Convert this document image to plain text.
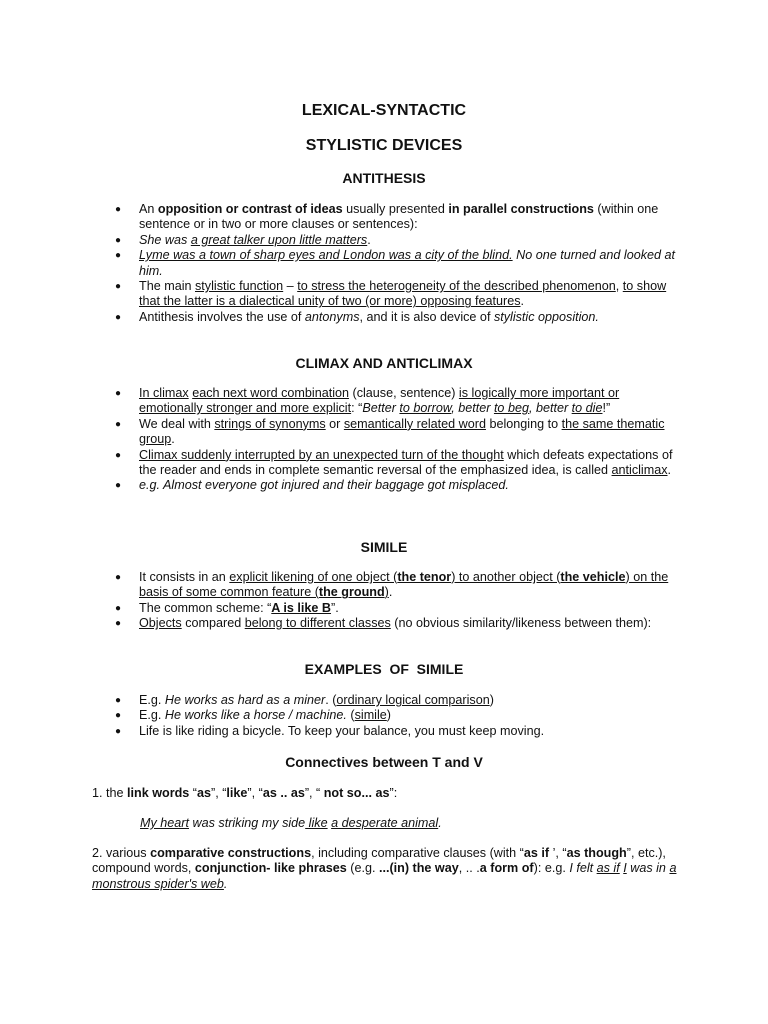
LEXICAL-SYNTACTIC
STYLISTIC DEVICES
ANTITHESIS
● An opposition or contrast of ideas usually presented in parallel constructions (within one sentence or in two or more clauses or sentences):
● She was a great talker upon little matters.
● Lyme was a town of sharp eyes and London was a city of the blind. No one turned and looked at him.
● The main stylistic function – to stress the heterogeneity of the described phenomenon, to show that the latter is a dialectical unity of two (or more) opposing features.
● Antithesis involves the use of antonyms, and it is also device of stylistic opposition.
CLIMAX AND ANTICLIMAX
● In climax each next word combination (clause, sentence) is logically more important or emotionally stronger and more explicit: “Better to borrow, better to beg, better to die!”
● We deal with strings of synonyms or semantically related word belonging to the same thematic group.
● Climax suddenly interrupted by an unexpected turn of the thought which defeats expectations of the reader and ends in complete semantic reversal of the emphasized idea, is called anticlimax.
● e.g. Almost everyone got injured and their baggage got misplaced.
SIMILE
● It consists in an explicit likening of one object (the tenor) to another object (the vehicle) on the basis of some common feature (the ground).
● The common scheme: “A is like B”.
● Objects compared belong to different classes (no obvious similarity/likeness between them):
EXAMPLES  OF  SIMILE
● E.g. He works as hard as a miner. (ordinary logical comparison)
● E.g. He works like a horse / machine. (simile)
● Life is like riding a bicycle. To keep your balance, you must keep moving.
Connectives between T and V

1. the link words “as”, “like”, “as .. as”, “ not so... as”:

My heart was striking my side like a desperate animal.

2. various comparative constructions, including comparative clauses (with “as if ’, “as though”, etc.), compound words, conjunction- like phrases (e.g. ...(in) the way, .. .a form of): e.g. I felt as if I was in a monstrous spider's web.
